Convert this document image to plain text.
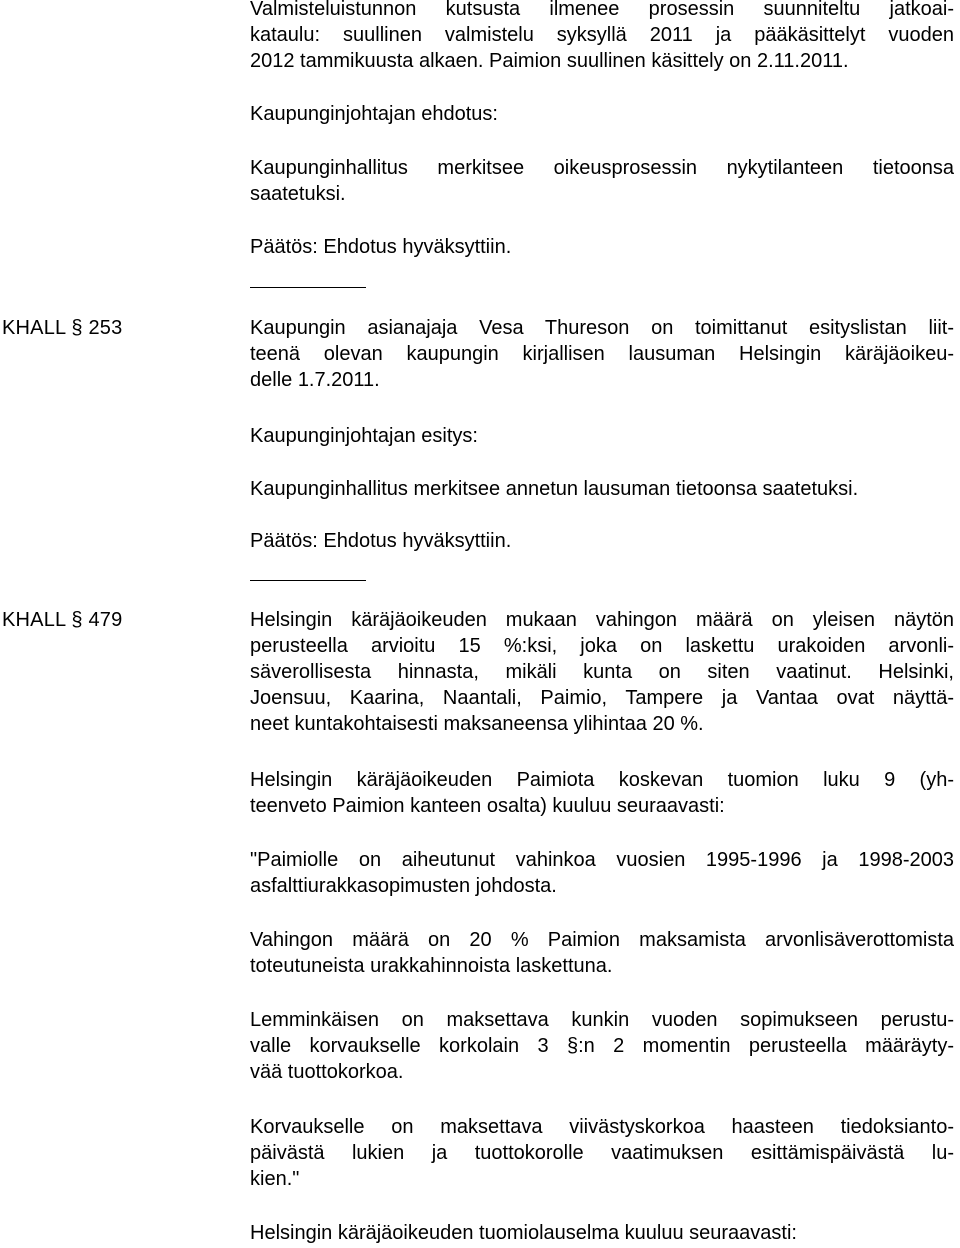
Valmisteluistunnon kutsusta ilmenee prosessin suunniteltu jatkoai-
kataulu: suullinen valmistelu syksyllä 2011 ja pääkäsittelyt vuoden
2012 tammikuusta alkaen. Paimion suullinen käsittely on 2.11.2011.

Kaupunginjohtajan ehdotus:

Kaupunginhallitus merkitsee oikeusprosessin nykytilanteen tietoonsa
saatetuksi.

Päätös: Ehdotus hyväksyttiin.

KHALL § 253	Kaupungin asianajaja Vesa Thureson on toimittanut esityslistan liit-
teenä olevan kaupungin kirjallisen lausuman Helsingin käräjäoikeu-
delle 1.7.2011.

Kaupunginjohtajan esitys:

Kaupunginhallitus merkitsee annetun lausuman tietoonsa saatetuksi.

Päätös: Ehdotus hyväksyttiin.

KHALL § 479	Helsingin käräjäoikeuden mukaan vahingon määrä on yleisen näytön
perusteella arvioitu 15 %:ksi, joka on laskettu urakoiden arvonli-
säverollisesta hinnasta, mikäli kunta on siten vaatinut. Helsinki,
Joensuu, Kaarina, Naantali, Paimio, Tampere ja Vantaa ovat näyttä-
neet kuntakohtaisesti maksaneensa ylihintaa 20 %.

Helsingin käräjäoikeuden Paimiota koskevan tuomion luku 9 (yh-
teenveto Paimion kanteen osalta) kuuluu seuraavasti:

"Paimiolle on aiheutunut vahinkoa vuosien 1995-1996 ja 1998-2003
asfalttiurakkasopimusten johdosta.

Vahingon määrä on 20 % Paimion maksamista arvonlisäverottomista
toteutuneista urakkahinnoista laskettuna.

Lemminkäisen on maksettava kunkin vuoden sopimukseen perustu-
valle korvaukselle korkolain 3 §:n 2 momentin perusteella määräyty-
vää tuottokorkoa.

Korvaukselle on maksettava viivästyskorkoa haasteen tiedoksianto-
päivästä lukien ja tuottokorolle vaatimuksen esittämispäivästä lu-
kien."

Helsingin käräjäoikeuden tuomiolauselma kuuluu seuraavasti:
